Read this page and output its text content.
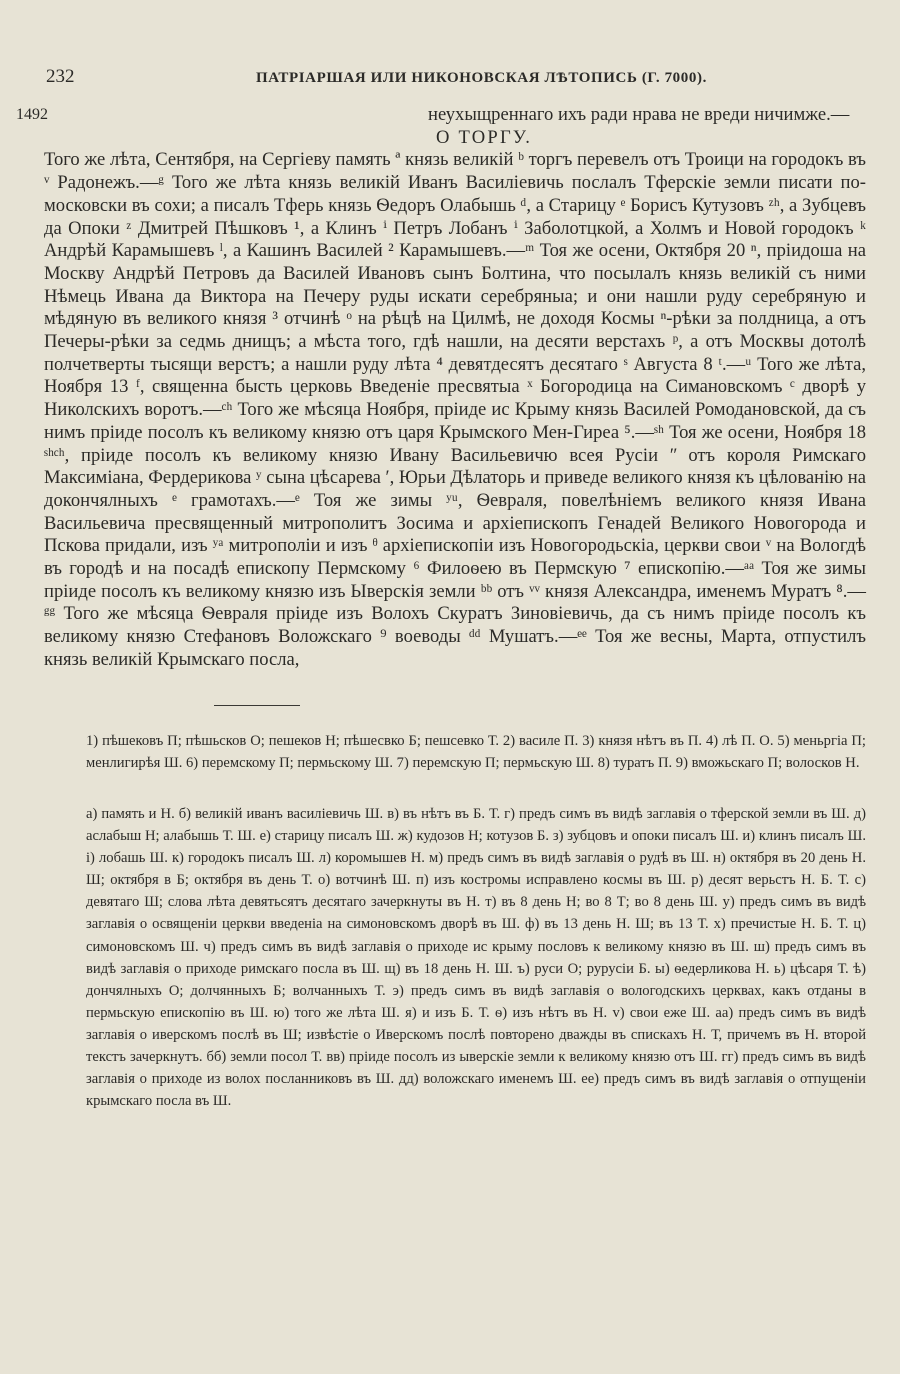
232	ПАТРІАРШАЯ ИЛИ НИКОНОВСКАЯ ЛѢТОПИСЬ (Г. 7000).
1492	неухыщреннаго ихъ ради нрава не вреди ничимже.—

О ТОРГУ.

Того же лѣта, Сентября, на Сергіеву память ª князь великій ᵇ торгъ перевелъ отъ Троици на городокъ въ ᵛ Радонежъ.—ᵍ Того же лѣта князь великій Иванъ Василіевичь послалъ Тферскіе земли писати по-московски въ сохи; а писалъ Тферь князь Ѳедоръ Олабышь ᵈ, а Старицу ᵉ Борисъ Кутузовъ ᶻʰ, а Зубцевъ да Опоки ᶻ Дмитрей Пѣшковъ ¹, а Клинъ ⁱ Петръ Лобанъ ⁱ Заболотцкой, а Холмъ и Новой городокъ ᵏ Андрѣй Карамышевъ ˡ, а Кашинъ Василей ² Карамышевъ.—ᵐ Тоя же осени, Октября 20 ⁿ, пріидоша на Москву Андрѣй Петровъ да Василей Ивановъ сынъ Болтина, что посылалъ князь великій съ ними Нѣмець Ивана да Виктора на Печеру руды искати серебряныа; и они нашли руду серебряную и мѣдяную въ великого князя ³ отчинѣ ᵒ на рѣцѣ на Цилмѣ, не доходя Космы ⁿ-рѣки за полдница, а отъ Печеры-рѣки за седмь днищъ; а мѣста того, гдѣ нашли, на десяти верстахъ ᵖ, а отъ Москвы дотолѣ полчетверты тысящи верстъ; а нашли руду лѣта ⁴ девятдесятъ десятаго ˢ Августа 8 ᵗ.—ᵘ Того же лѣта, Ноября 13 ᶠ, священна бысть церковь Введеніе пресвятыа ˣ Богородица на Симановскомъ ᶜ дворѣ у Николскихъ воротъ.—ᶜʰ Того же мѣсяца Ноября, пріиде ис Крыму князь Василей Ромодановской, да съ нимъ пріиде посолъ къ великому князю отъ царя Крымского Мен-Гиреа ⁵.—ˢʰ Тоя же осени, Ноября 18 ˢʰᶜʰ, пріиде посолъ къ великому князю Ивану Васильевичю всея Русіи ʺ отъ короля Римскаго Максиміана, Фердерикова ʸ сына цѣсарева ʹ, Юрьи Дѣлаторь и приведе великого князя къ цѣлованію на докончялныхъ ᵉ грамотахъ.—ᵉ Тоя же зимы ʸᵘ, Ѳевраля, повелѣніемъ великого князя Ивана Васильевича пресвященный митрополитъ Зосима и архіепископъ Генадей Великого Новогорода и Пскова придали, изъ ʸᵃ митрополіи и изъ ᶿ архіепископіи изъ Новогородьскіа, церкви свои ᵛ на Вологдѣ въ городѣ и на посадѣ епископу Пермскому ⁶ Филоѳею въ Пермскую ⁷ епископію.—ᵃᵃ Тоя же зимы пріиде посолъ къ великому князю изъ Ыверскія земли ᵇᵇ отъ ᵛᵛ князя Александра, именемъ Муратъ ⁸.—ᵍᵍ Того же мѣсяца Ѳевраля пріиде изъ Волохъ Скуратъ Зиновіевичь, да съ нимъ пріиде посолъ къ великому князю Стефановъ Воложскаго ⁹ воеводы ᵈᵈ Мушатъ.—ᵉᵉ Тоя же весны, Марта, отпустилъ князь великій Крымскаго посла,

1) пѣшековъ П; пѣшьсков О; пешеков Н; пѣшесвко Б; пешсевко Т. 2) василе П. 3) князя нѣтъ въ П. 4) лѣ П. О. 5) меньргіа П; менлигирѣя Ш. 6) перемскому П; пермьскому Ш. 7) перемскую П; пермьскую Ш. 8) туратъ П. 9) вможьскаго П; волосков Н.

а) память и Н. б) великій иванъ василіевичь Ш. в) въ нѣтъ въ Б. Т. г) предъ симъ въ видѣ заглавія о тферской земли въ Ш. д) аслабыш Н; алабышь Т. Ш. е) старицу писалъ Ш. ж) кудозов Н; котузов Б. з) зубцовъ и опоки писалъ Ш. и) клинъ писалъ Ш. і) лобашь Ш. к) городокъ писалъ Ш. л) коромышев Н. м) предъ симъ въ видѣ заглавія о рудѣ въ Ш. н) октября въ 20 день Н. Ш; октября в Б; октября въ день Т. о) вотчинѣ Ш. п) изъ костромы исправлено космы въ Ш. р) десят верьстъ Н. Б. Т. с) девятаго Ш; слова лѣта девятьсятъ десятаго зачеркнуты въ Н. т) въ 8 день Н; во 8 Т; во 8 день Ш. у) предъ симъ въ видѣ заглавія о освященіи церкви введеніа на симоновскомъ дворѣ въ Ш. ф) въ 13 день Н. Ш; въ 13 Т. х) пречистые Н. Б. Т. ц) симоновскомъ Ш. ч) предъ симъ въ видѣ заглавія о приходе ис крыму пословъ к великому князю въ Ш. ш) предъ симъ въ видѣ заглавія о приходе римскаго посла въ Ш. щ) въ 18 день Н. Ш. ъ) руси О; рурусіи Б. ы) ѳедерликова Н. ь) цѣсаря Т. ѣ) дончялныхъ О; долчянныхъ Б; волчанныхъ Т. э) предъ симъ въ видѣ заглавія о вологодскихъ церквах, какъ отданы в пермьскую епископію въ Ш. ю) того же лѣта Ш. я) и изъ Б. Т. ѳ) изъ нѣтъ въ Н. v) свои еже Ш. аа) предъ симъ въ видѣ заглавія о иверскомъ послѣ въ Ш; извѣстіе о Иверскомъ послѣ повторено дважды въ спискахъ Н. Т, причемъ въ Н. второй текстъ зачеркнутъ. бб) земли посол Т. вв) пріиде посолъ из ыверскіе земли к великому князю отъ Ш. гг) предъ симъ въ видѣ заглавія о приходе из волох посланниковъ въ Ш. дд) воложскаго именемъ Ш. ее) предъ симъ въ видѣ заглавія о отпущеніи крымскаго посла въ Ш.
